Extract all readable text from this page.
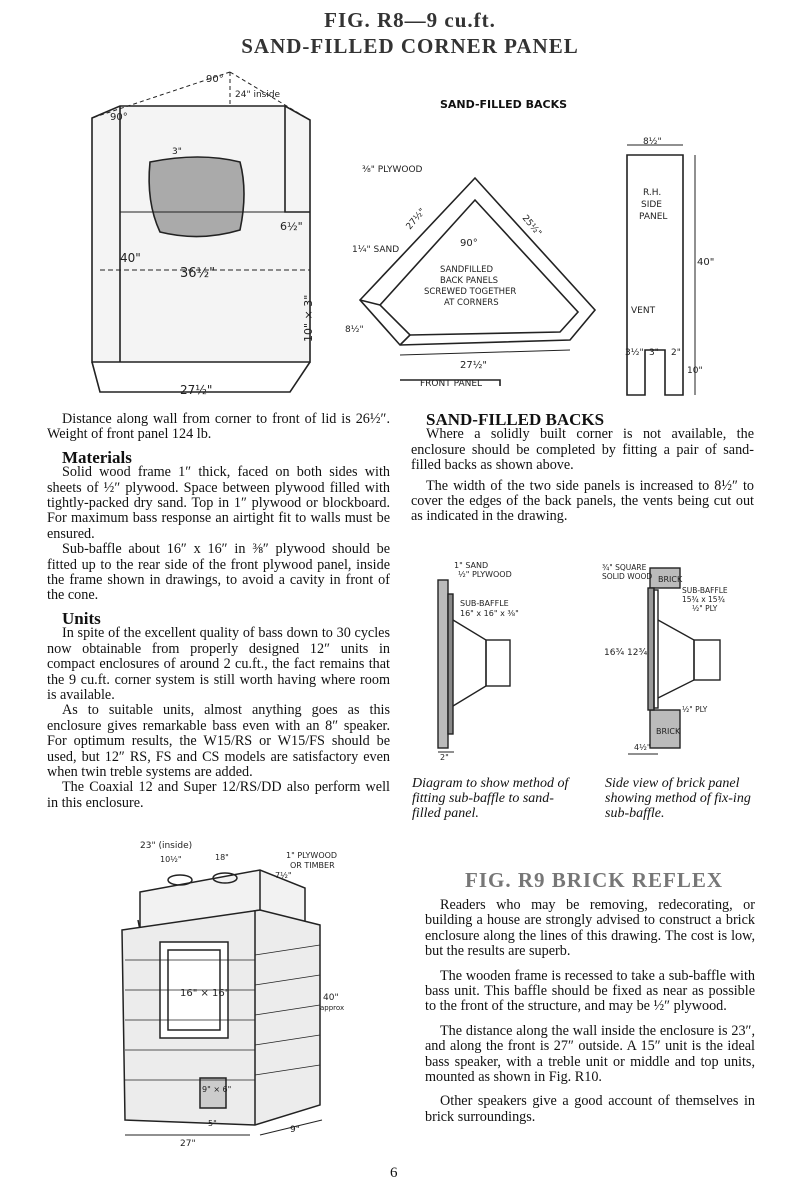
FIG. R8—9 cu.ft.
SAND-FILLED CORNER PANEL
90°
90°
24" inside
3"
6½"
40"
36½"
10" × 3"
27½"
SAND-FILLED BACKS
⅜" PLYWOOD
1¼" SAND
27½"	25½"
90°
8½"
SANDFILLED
BACK PANELS
SCREWED TOGETHER
AT CORNERS
27½"
FRONT PANEL
8½"
R.H.
SIDE
PANEL
40"
VENT
3½" 3" 2"
10"

Distance along wall from corner to front of lid is 26½″. Weight of front panel 124 lb.

Materials

Solid wood frame 1″ thick, faced on both sides with sheets of ½″ plywood. Space between plywood filled with tightly-packed dry sand. Top in 1″ plywood or blockboard. For maximum bass response an airtight fit to walls must be ensured.

Sub-baffle about 16″ x 16″ in ⅜″ plywood should be fitted up to the rear side of the front plywood panel, inside the frame shown in drawings, to avoid a cavity in front of the cone.

Units

In spite of the excellent quality of bass down to 30 cycles now obtainable from properly designed 12″ units in compact enclosures of around 2 cu.ft., the fact remains that the 9 cu.ft. corner system is still worth having where room is available.

As to suitable units, almost anything goes as this enclosure gives remarkable bass even with an 8″ speaker. For optimum results, the W15/RS or W15/FS should be used, but 12″ RS, FS and CS models are satisfactory even when twin treble systems are added.

The Coaxial 12 and Super 12/RS/DD also perform well in this enclosure.

SAND-FILLED BACKS

Where a solidly built corner is not available, the enclosure should be completed by fitting a pair of sand-filled backs as shown above.

The width of the two side panels is increased to 8½″ to cover the edges of the back panels, the vents being cut out as indicated in the drawing.

1" SAND
½" PLYWOOD
SUB-BAFFLE
16" x 16" x ⅜"
2"
Diagram to show method of fitting sub-baffle to sand-filled panel.
¾" SQUARE
SOLID WOOD BRICK
SUB-BAFFLE
15¾ x 15¾
½" PLY
16¾ 12¾
½" PLY
BRICK
4½"
Side view of brick panel showing method of fix-ing sub-baffle.
23" (inside)
10½"	18"
7½"
1" PLYWOOD
OR TIMBER
16" × 16"	40"
approx
9" × 6"
5"
27"
9"
FIG. R9 BRICK REFLEX

Readers who may be removing, redecorating, or building a house are strongly advised to construct a brick enclosure along the lines of this drawing. The cost is low, but the results are superb.

The wooden frame is recessed to take a sub-baffle with bass unit. This baffle should be fixed as near as possible to the front of the structure, and may be ½″ plywood.

The distance along the wall inside the enclosure is 23″, and along the front is 27″ outside. A 15″ unit is the ideal bass speaker, with a treble unit or middle and top units, mounted as shown in Fig. R10.

Other speakers give a good account of themselves in brick surroundings.

6
